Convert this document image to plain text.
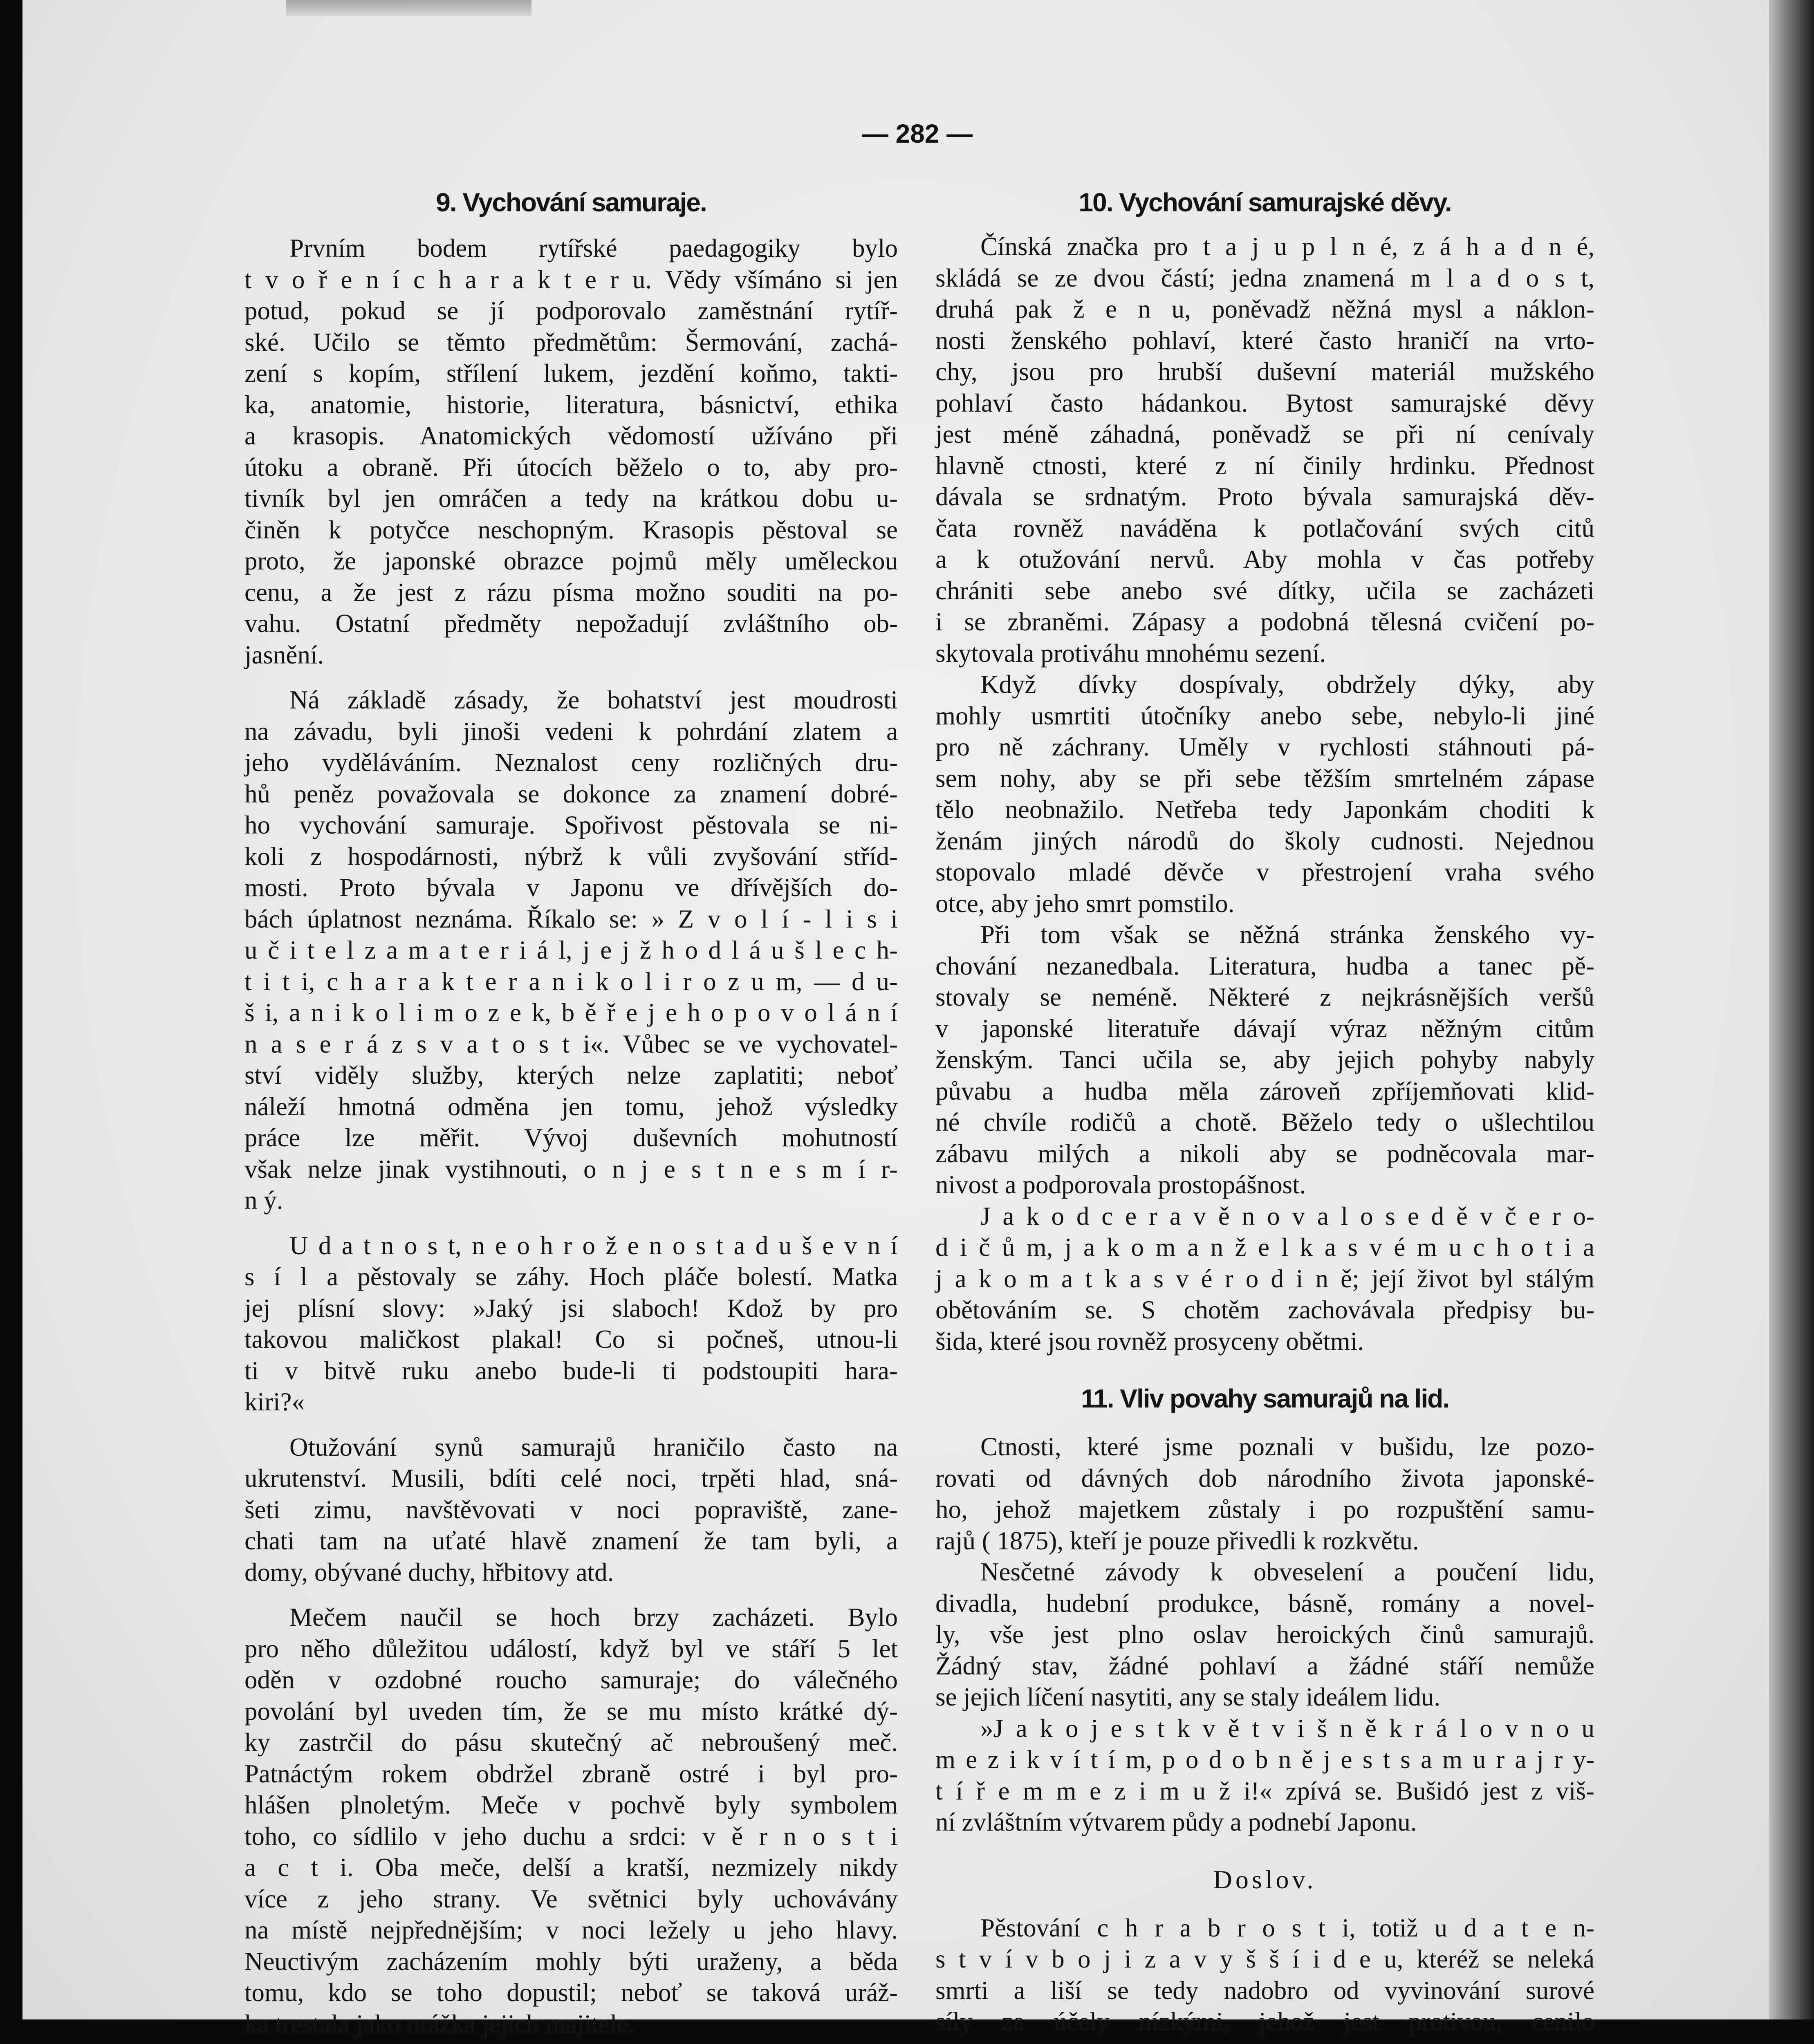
— 282 —
9. Vychování samuraje.
Prvním bodem rytířské paedagogiky bylo
t v o ř e n í c h a r a k t e r u. Vědy všímáno si jen
potud, pokud se jí podporovalo zaměstnání rytíř-
ské. Učilo se těmto předmětům: Šermování, zachá-
zení s kopím, střílení lukem, jezdění koňmo, takti-
ka, anatomie, historie, literatura, básnictví, ethika
a krasopis. Anatomických vědomostí užíváno při
útoku a obraně. Při útocích běželo o to, aby pro-
tivník byl jen omráčen a tedy na krátkou dobu u-
činěn k potyčce neschopným. Krasopis pěstoval se
proto, že japonské obrazce pojmů měly uměleckou
cenu, a že jest z rázu písma možno souditi na po-
vahu. Ostatní předměty nepožadují zvláštního ob-
jasnění.
Ná základě zásady, že bohatství jest moudrosti
na závadu, byli jinoši vedeni k pohrdání zlatem a
jeho vyděláváním. Neznalost ceny rozličných dru-
hů peněz považovala se dokonce za znamení dobré-
ho vychování samuraje. Spořivost pěstovala se ni-
koli z hospodárnosti, nýbrž k vůli zvyšování stříd-
mosti. Proto bývala v Japonu ve dřívějších do-
bách úplatnost neznáma. Říkalo se: » Z v o l í - l i s i
u č i t e l z a m a t e r i á l, j e j ž h o d l á u š l e c h-
t i t i, c h a r a k t e r a n i k o l i r o z u m, — d u-
š i, a n i k o l i m o z e k, b ě ř e j e h o p o v o l á n í
n a s e r á z s v a t o s t i«. Vůbec se ve vychovatel-
ství viděly služby, kterých nelze zaplatiti; neboť
náleží hmotná odměna jen tomu, jehož výsledky
práce lze měřit. Vývoj duševních mohutností
však nelze jinak vystihnouti, o n j e s t n e s m í r-
n ý.
U d a t n o s t, n e o h r o ž e n o s t a d u š e v n í
s í l a pěstovaly se záhy. Hoch pláče bolestí. Matka
jej plísní slovy: »Jaký jsi slaboch! Kdož by pro
takovou maličkost plakal! Co si počneš, utnou-li
ti v bitvě ruku anebo bude-li ti podstoupiti hara-
kiri?«
Otužování synů samurajů hraničilo často na
ukrutenství. Musili, bdíti celé noci, trpěti hlad, sná-
šeti zimu, navštěvovati v noci popraviště, zane-
chati tam na uťaté hlavě znamení že tam byli, a
domy, obývané duchy, hřbitovy atd.
Mečem naučil se hoch brzy zacházeti. Bylo
pro něho důležitou událostí, když byl ve stáří 5 let
oděn v ozdobné roucho samuraje; do válečného
povolání byl uveden tím, že se mu místo krátké dý-
ky zastrčil do pásu skutečný ač nebroušený meč.
Patnáctým rokem obdržel zbraně ostré i byl pro-
hlášen plnoletým. Meče v pochvě byly symbolem
toho, co sídlilo v jeho duchu a srdci: v ě r n o s t i
a c t i. Oba meče, delší a kratší, nezmizely nikdy
více z jeho strany. Ve světnici byly uchovávány
na místě nejpřednějším; v noci ležely u jeho hlavy.
Neuctivým zacházením mohly býti uraženy, a běda
tomu, kdo se toho dopustil; neboť se taková uráž-
ka trestala jako urážka jejich majitele.
10. Vychování samurajské děvy.
Čínská značka pro t a j u p l n é, z á h a d n é,
skládá se ze dvou částí; jedna znamená m l a d o s t,
druhá pak ž e n u, poněvadž něžná mysl a náklon-
nosti ženského pohlaví, které často hraničí na vrto-
chy, jsou pro hrubší duševní materiál mužského
pohlaví často hádankou. Bytost samurajské děvy
jest méně záhadná, poněvadž se při ní cenívaly
hlavně ctnosti, které z ní činily hrdinku. Přednost
dávala se srdnatým. Proto bývala samurajská děv-
čata rovněž naváděna k potlačování svých citů
a k otužování nervů. Aby mohla v čas potřeby
chrániti sebe anebo své dítky, učila se zacházeti
i se zbraněmi. Zápasy a podobná tělesná cvičení po-
skytovala protiváhu mnohému sezení.
Když dívky dospívaly, obdržely dýky, aby
mohly usmrtiti útočníky anebo sebe, nebylo-li jiné
pro ně záchrany. Uměly v rychlosti stáhnouti pá-
sem nohy, aby se při sebe těžším smrtelném zápase
tělo neobnažilo. Netřeba tedy Japonkám choditi k
ženám jiných národů do školy cudnosti. Nejednou
stopovalo mladé děvče v přestrojení vraha svého
otce, aby jeho smrt pomstilo.
Při tom však se něžná stránka ženského vy-
chování nezanedbala. Literatura, hudba a tanec pě-
stovaly se neméně. Některé z nejkrásnějších veršů
v japonské literatuře dávají výraz něžným citům
ženským. Tanci učila se, aby jejich pohyby nabyly
půvabu a hudba měla zároveň zpříjemňovati klid-
né chvíle rodičů a chotě. Běželo tedy o ušlechtilou
zábavu milých a nikoli aby se podněcovala mar-
nivost a podporovala prostopášnost.
J a k o d c e r a v ě n o v a l o s e d ě v č e r o-
d i č ů m, j a k o m a n ž e l k a s v é m u c h o t i a
j a k o m a t k a s v é r o d i n ě; její život byl stálým
obětováním se. S chotěm zachovávala předpisy bu-
šida, které jsou rovněž prosyceny obětmi.
11. Vliv povahy samurajů na lid.
Ctnosti, které jsme poznali v bušidu, lze pozo-
rovati od dávných dob národního života japonské-
ho, jehož majetkem zůstaly i po rozpuštění samu-
rajů ( 1875), kteří je pouze přivedli k rozkvětu.
Nesčetné závody k obveselení a poučení lidu,
divadla, hudební produkce, básně, romány a novel-
ly, vše jest plno oslav heroických činů samurajů.
Žádný stav, žádné pohlaví a žádné stáří nemůže
se jejich líčení nasytiti, any se staly ideálem lidu.
»J a k o j e s t k v ě t v i š n ě k r á l o v n o u
m e z i k v í t í m, p o d o b n ě j e s t s a m u r a j r y-
t í ř e m m e z i m u ž i!« zpívá se. Bušidó jest z viš-
ní zvláštním výtvarem půdy a podnebí Japonu.
Doslov.
Pěstování c h r a b r o s t i, totiž u d a t e n-
s t v í v b o j i z a v y š š í i d e u, kteréž se neleká
smrti a liší se tedy nadobro od vyvinování surové
síly za účely nízkými, jehož jest protivou, cenilo
